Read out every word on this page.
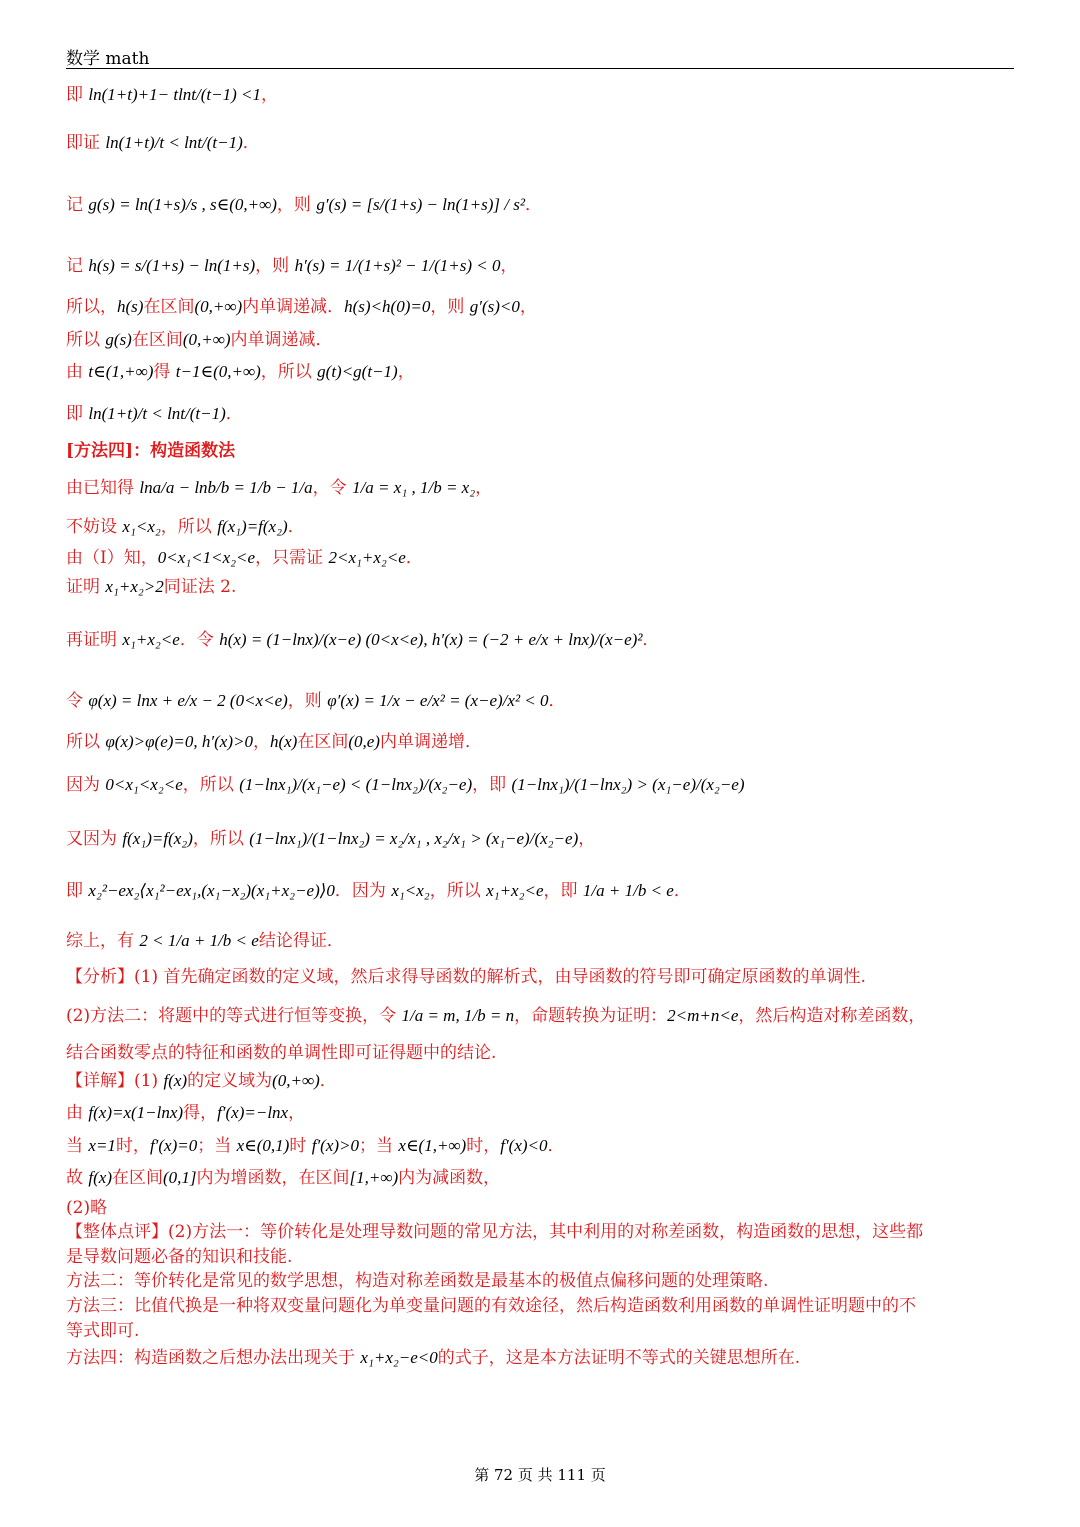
数学 math
即 ln(1+t)+1− tlnt/(t−1) <1，
即证 ln(1+t)/t < lnt/(t−1)．
记 g(s) = ln(1+s)/s , s∈(0,+∞)，则 g′(s) = [s/(1+s) − ln(1+s)] / s²．
记 h(s) = s/(1+s) − ln(1+s)，则 h′(s) = 1/(1+s)² − 1/(1+s) < 0，
所以，h(s)在区间(0,+∞)内单调递减．h(s)<h(0)=0，则 g′(s)<0，
所以 g(s)在区间(0,+∞)内单调递减．
由 t∈(1,+∞)得 t−1∈(0,+∞)，所以 g(t)<g(t−1)，
即 ln(1+t)/t < lnt/(t−1)．
[方法四]：构造函数法
由已知得 lna/a − lnb/b = 1/b − 1/a，令 1/a = x₁ , 1/b = x₂，
不妨设 x₁<x₂，所以 f(x₁)=f(x₂)．
由（Ⅰ）知，0<x₁<1<x₂<e，只需证 2<x₁+x₂<e．
证明 x₁+x₂>2同证法 2.
再证明 x₁+x₂<e．令 h(x) = (1−lnx)/(x−e) (0<x<e), h′(x) = (−2 + e/x + lnx)/(x−e)²．
令 φ(x) = lnx + e/x − 2 (0<x<e)，则 φ′(x) = 1/x − e/x² = (x−e)/x² < 0．
所以 φ(x)>φ(e)=0, h′(x)>0，h(x)在区间(0,e)内单调递增．
因为 0<x₁<x₂<e，所以 (1−lnx₁)/(x₁−e) < (1−lnx₂)/(x₂−e)，即 (1−lnx₁)/(1−lnx₂) > (x₁−e)/(x₂−e)
又因为 f(x₁)=f(x₂)，所以 (1−lnx₁)/(1−lnx₂) = x₂/x₁ , x₂/x₁ > (x₁−e)/(x₂−e)，
即 x₂²−ex₂⟨x₁²−ex₁,(x₁−x₂)(x₁+x₂−e)⟩0．因为 x₁<x₂，所以 x₁+x₂<e，即 1/a + 1/b < e．
综上，有 2 < 1/a + 1/b < e结论得证．
【分析】(1) 首先确定函数的定义域，然后求得导函数的解析式，由导函数的符号即可确定原函数的单调性.
(2)方法二：将题中的等式进行恒等变换，令 1/a = m, 1/b = n，命题转换为证明：2<m+n<e，然后构造对称差函数，
结合函数零点的特征和函数的单调性即可证得题中的结论.
【详解】(1) f(x)的定义域为(0,+∞)．
由 f(x)=x(1−lnx)得，f′(x)=−lnx，
当 x=1时，f′(x)=0；当 x∈(0,1)时 f′(x)>0；当 x∈(1,+∞)时，f′(x)<0．
故 f(x)在区间(0,1]内为增函数，在区间[1,+∞)内为减函数，
(2)略
【整体点评】(2)方法一：等价转化是处理导数问题的常见方法，其中利用的对称差函数，构造函数的思想，这些都
是导数问题必备的知识和技能.
方法二：等价转化是常见的数学思想，构造对称差函数是最基本的极值点偏移问题的处理策略.
方法三：比值代换是一种将双变量问题化为单变量问题的有效途径，然后构造函数利用函数的单调性证明题中的不
等式即可.
方法四：构造函数之后想办法出现关于 x₁+x₂−e<0的式子，这是本方法证明不等式的关键思想所在.
第 72 页 共 111 页
